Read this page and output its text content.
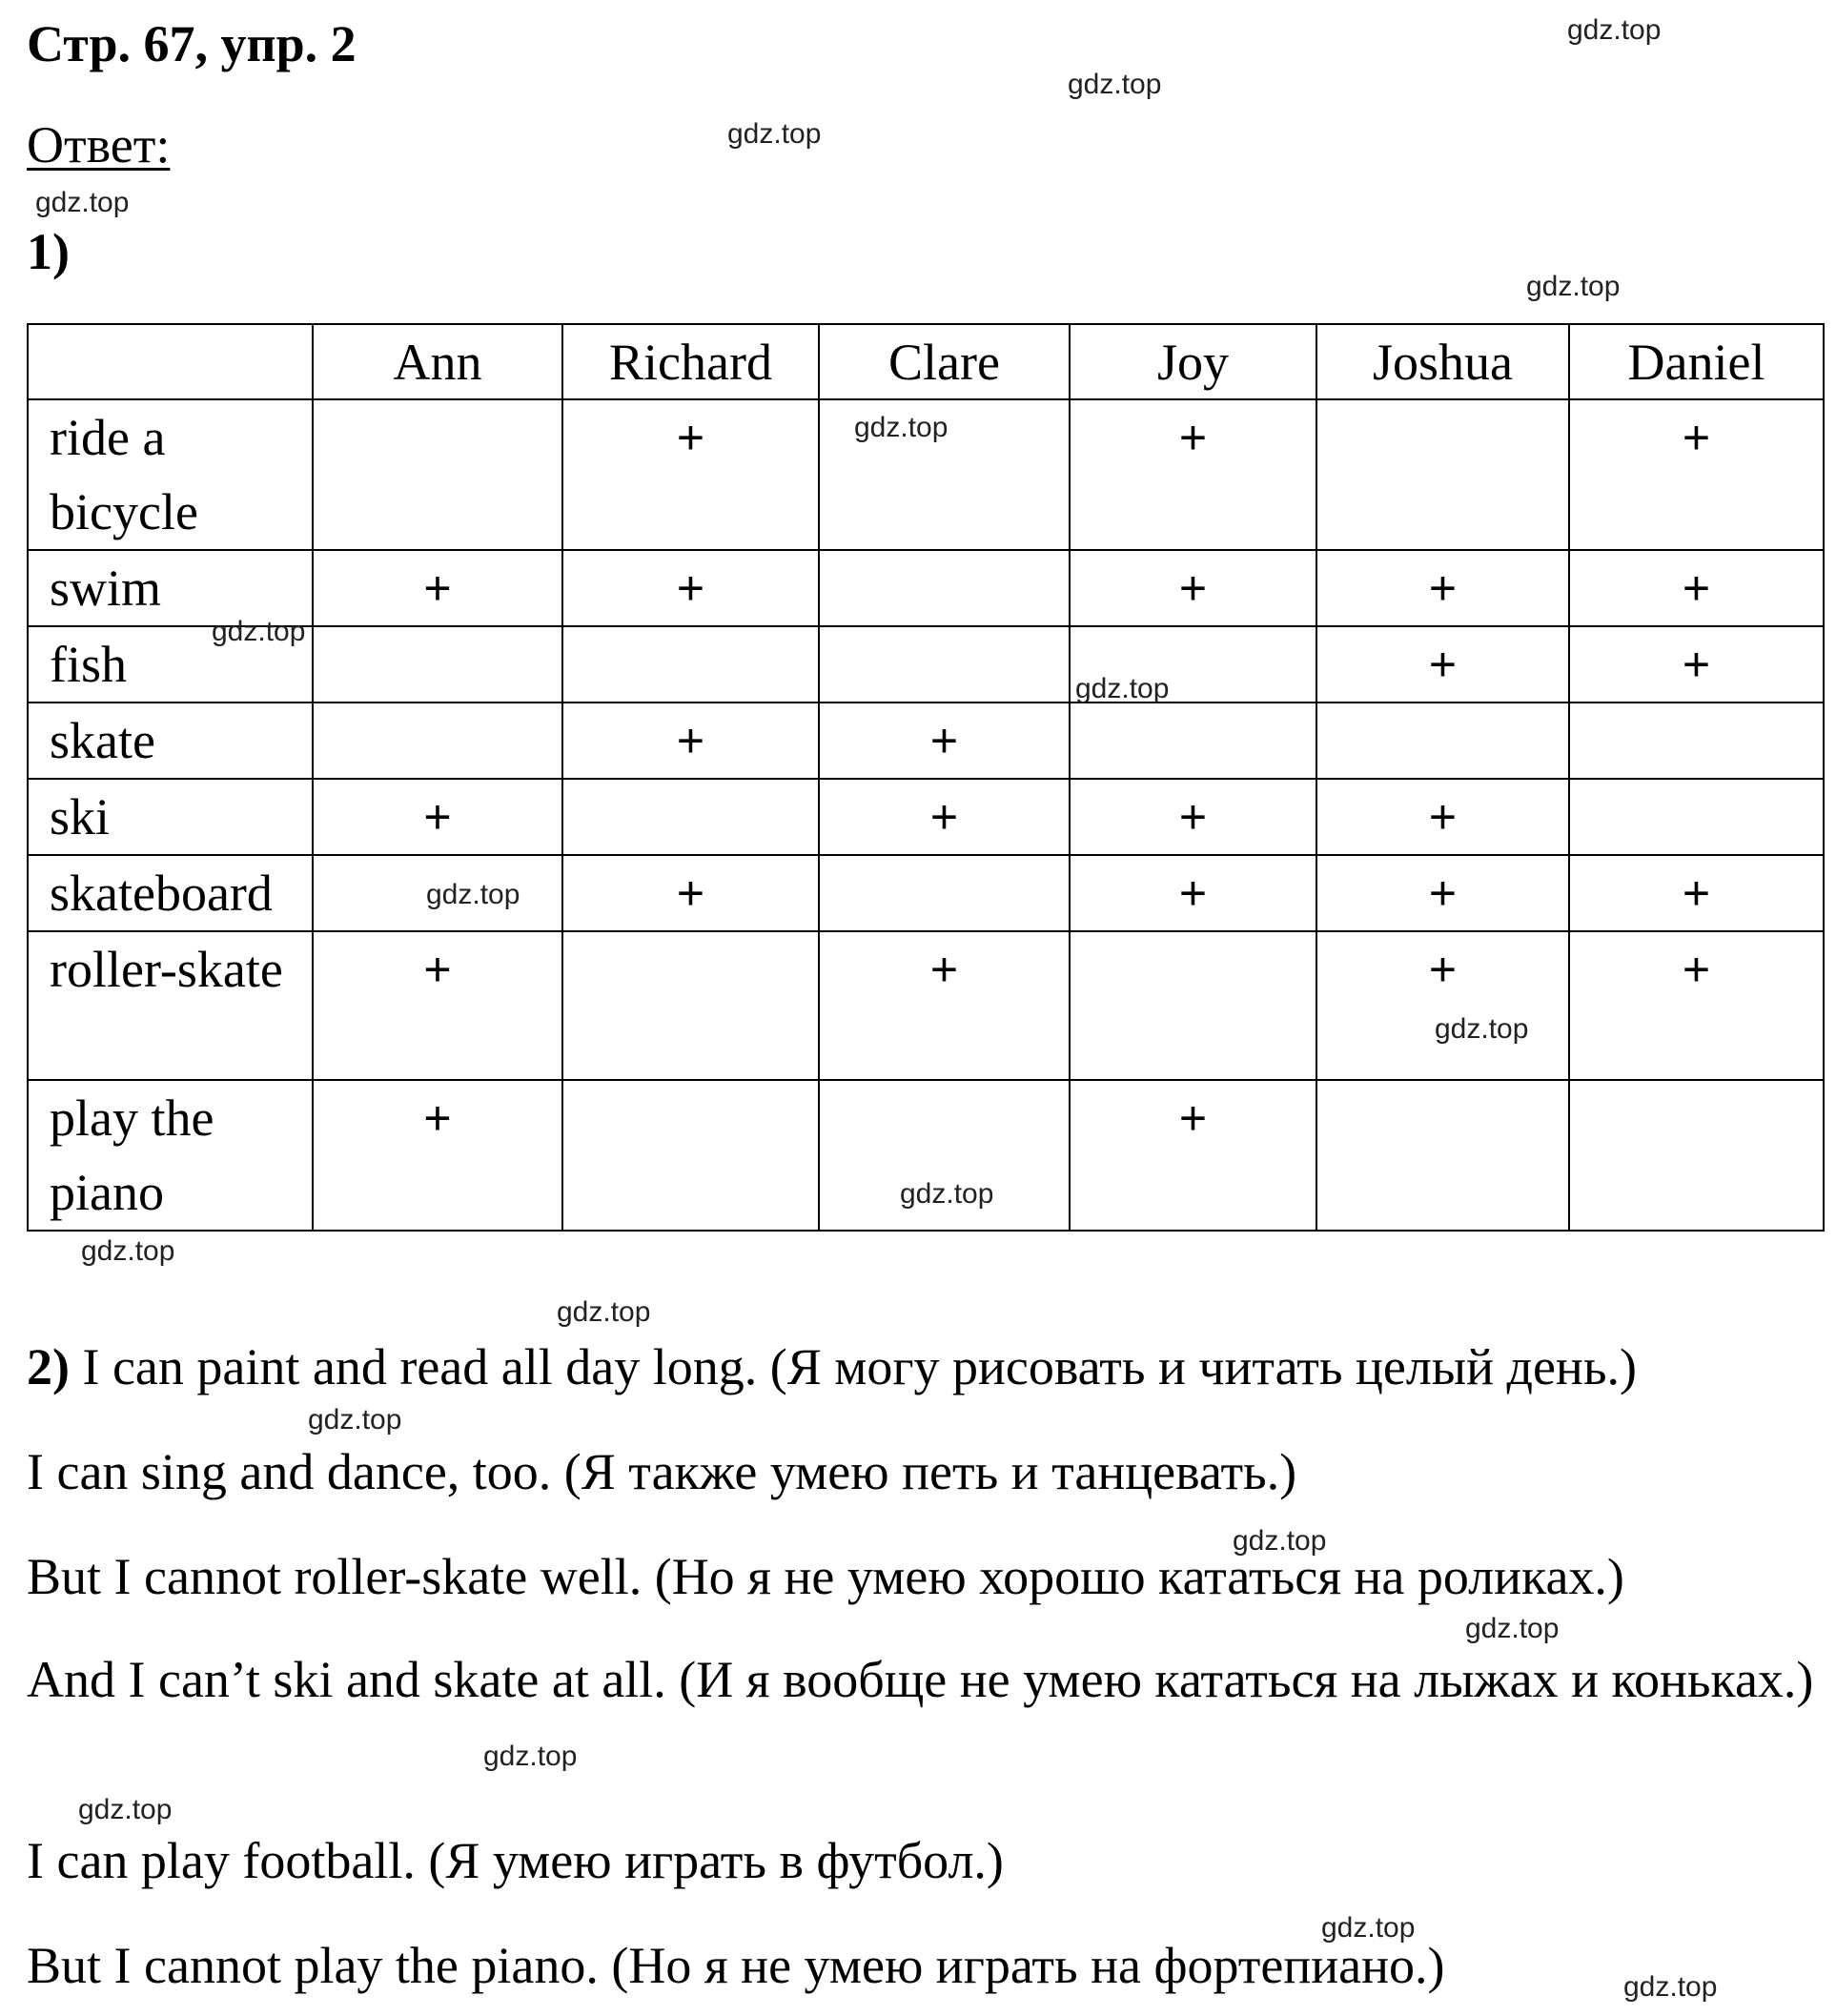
Стр. 67, упр. 2
Ответ:
1)
	Ann	Richard	Clare	Joy	Joshua	Daniel
ride a bicycle		+		+		+
swim	+	+		+	+	+
fish					+	+
skate		+	+			
ski	+		+	+	+	
skateboard		+		+	+	+
roller-skate	+		+		+	+
play the piano	+			+		
2) I can paint and read all day long. (Я могу рисовать и читать целый день.)
I can sing and dance, too. (Я также умею петь и танцевать.)
But I cannot roller-skate well. (Но я не умею хорошо кататься на роликах.)
And I can’t ski and skate at all. (И я вообще не умею кататься на лыжах и коньках.)
I can play football. (Я умею играть в футбол.)
But I cannot play the piano. (Но я не умею играть на фортепиано.)
gdz.top
gdz.top
gdz.top
gdz.top
gdz.top
gdz.top
gdz.top
gdz.top
gdz.top
gdz.top
gdz.top
gdz.top
gdz.top
gdz.top
gdz.top
gdz.top
gdz.top
gdz.top
gdz.top
gdz.top
